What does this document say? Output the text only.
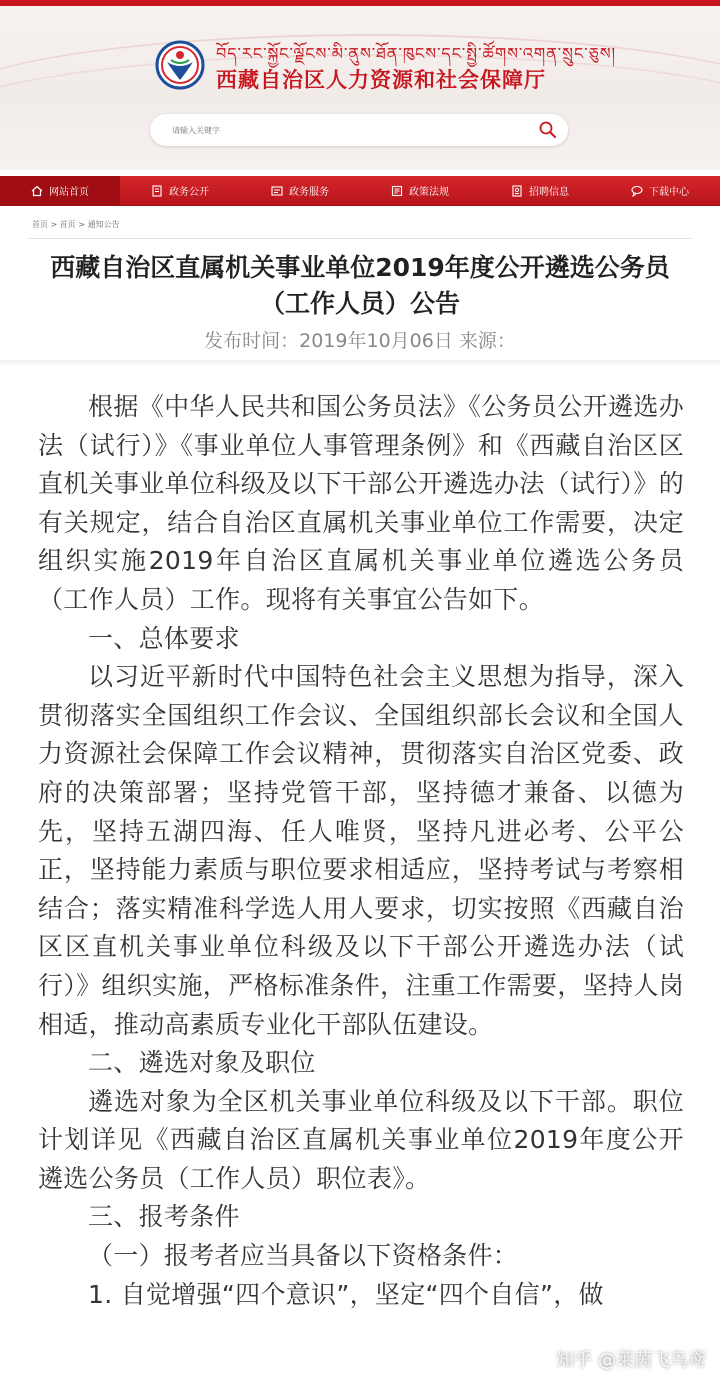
བོད་རང་སྐྱོང་ལྗོངས་མི་ནུས་ཐོན་ཁུངས་དང་སྤྱི་ཚོགས་འགན་སྲུང་ཅུས།
西藏自治区人力资源和社会保障厅
请输入关键字
网站首页	政务公开	政务服务	政策法规	招聘信息	下载中心
首页 > 首页 > 通知公告
西藏自治区直属机关事业单位2019年度公开遴选公务员
（工作人员）公告
发布时间：2019年10月06日 来源：

根据《中华人民共和国公务员法》《公务员公开遴选办法（试行）》《事业单位人事管理条例》和《西藏自治区区直机关事业单位科级及以下干部公开遴选办法（试行）》的有关规定，结合自治区直属机关事业单位工作需要，决定组织实施2019年自治区直属机关事业单位遴选公务员（工作人员）工作。现将有关事宜公告如下。

一、总体要求

以习近平新时代中国特色社会主义思想为指导，深入贯彻落实全国组织工作会议、全国组织部长会议和全国人力资源社会保障工作会议精神，贯彻落实自治区党委、政府的决策部署；坚持党管干部，坚持德才兼备、以德为先，坚持五湖四海、任人唯贤，坚持凡进必考、公平公正，坚持能力素质与职位要求相适应，坚持考试与考察相结合；落实精准科学选人用人要求，切实按照《西藏自治区区直机关事业单位科级及以下干部公开遴选办法（试行）》组织实施，严格标准条件，注重工作需要，坚持人岗相适，推动高素质专业化干部队伍建设。

二、遴选对象及职位

遴选对象为全区机关事业单位科级及以下干部。职位计划详见《西藏自治区直属机关事业单位2019年度公开遴选公务员（工作人员）职位表》。

三、报考条件

（一）报考者应当具备以下资格条件：

1. 自觉增强“四个意识”，坚定“四个自信”，做

知乎 @莱茵飞鸟鸢
